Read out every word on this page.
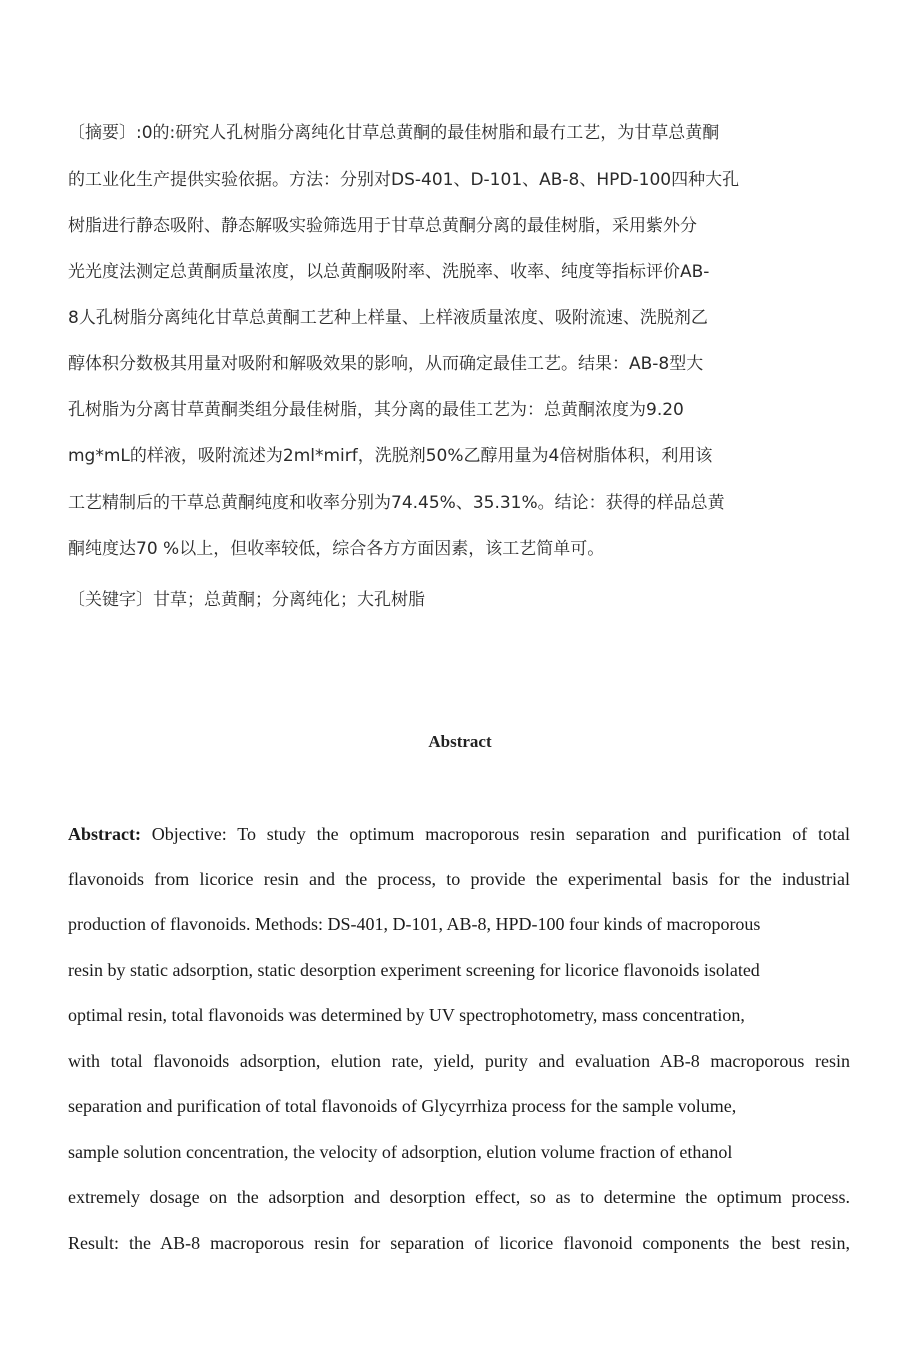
〔摘要〕:0的:研究人孔树脂分离纯化甘草总黄酮的最佳树脂和最冇工艺，为甘草总黄酮
的工业化生产提供实验依据。方法：分别对DS-401、D-101、AB-8、HPD-100四种大孔
树脂进行静态吸附、静态解吸实验筛选用于甘草总黄酮分离的最佳树脂，采用紫外分
光光度法测定总黄酮质量浓度，以总黄酮吸附率、洗脱率、收率、纯度等指标评价AB-
8人孔树脂分离纯化甘草总黄酮工艺种上样量、上样液质量浓度、吸附流速、洗脱剂乙
醇体积分数极其用量对吸附和解吸效果的影响，从而确定最佳工艺。结果：AB-8型大
孔树脂为分离甘草黄酮类组分最佳树脂，其分离的最佳工艺为：总黄酮浓度为9.20
mg*mL的样液，吸附流述为2ml*mirf，洗脱剂50%乙醇用量为4倍树脂体积，利用该
工艺精制后的干草总黄酮纯度和收率分别为74.45%、35.31%。结论：获得的样品总黄
酮纯度达70 %以上，但收率较低，综合各方方面因素，该工艺简单可。
〔关键字〕甘草；总黄酮；分离纯化；大孔树脂
Abstract
Abstract: Objective: To study the optimum macroporous resin separation and purification of total
flavonoids from licorice resin and the process, to provide the experimental basis for the industrial
production of flavonoids. Methods: DS-401, D-101, AB-8, HPD-100 four kinds of macroporous
resin by static adsorption, static desorption experiment screening for licorice flavonoids isolated
optimal resin, total flavonoids was determined by UV spectrophotometry, mass concentration,
with total flavonoids adsorption, elution rate, yield, purity and evaluation AB-8 macroporous resin
separation and purification of total flavonoids of Glycyrrhiza process for the sample volume,
sample solution concentration, the velocity of adsorption, elution volume fraction of ethanol
extremely dosage on the adsorption and desorption effect, so as to determine the optimum process.
Result: the AB-8 macroporous resin for separation of licorice flavonoid components the best resin,
